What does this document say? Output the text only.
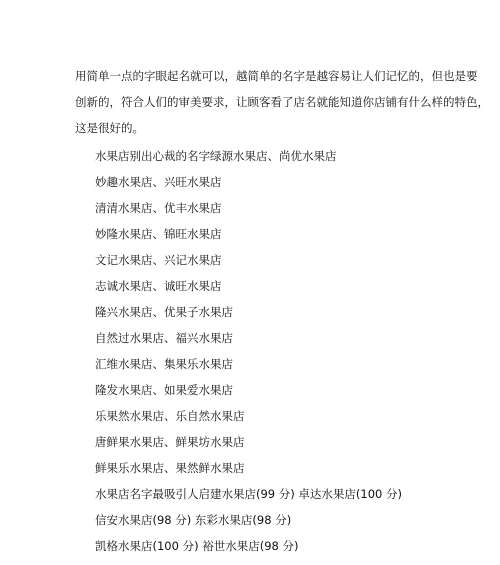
用简单一点的字眼起名就可以，越简单的名字是越容易让人们记忆的，但也是要
创新的，符合人们的审美要求，让顾客看了店名就能知道你店铺有什么样的特色，
这是很好的。
水果店别出心裁的名字绿源水果店、尚优水果店
妙趣水果店、兴旺水果店
清清水果店、优丰水果店
妙隆水果店、锦旺水果店
文记水果店、兴记水果店
志诚水果店、诚旺水果店
隆兴水果店、优果子水果店
自然过水果店、福兴水果店
汇维水果店、集果乐水果店
隆发水果店、如果爱水果店
乐果然水果店、乐自然水果店
唐鲜果水果店、鲜果坊水果店
鲜果乐水果店、果然鲜水果店
水果店名字最吸引人启建水果店(99 分) 卓达水果店(100 分)
信安水果店(98 分) 东彩水果店(98 分)
凯格水果店(100 分) 裕世水果店(98 分)
